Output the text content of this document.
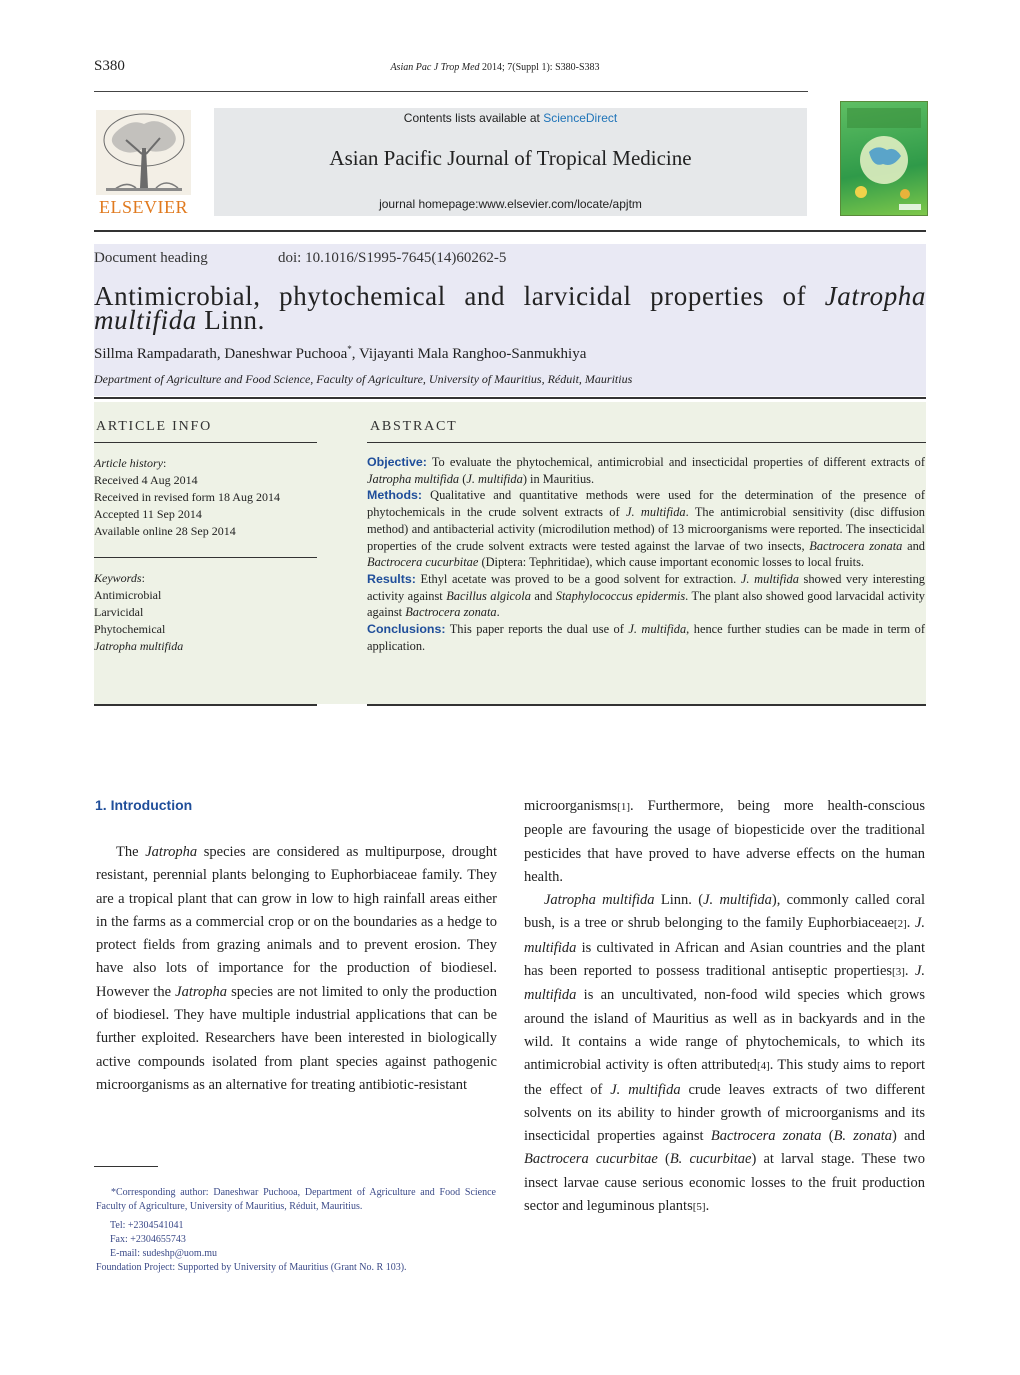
S380	Asian Pac J Trop Med 2014; 7(Suppl 1): S380-S383
ELSEVIER
Contents lists available at ScienceDirect
Asian Pacific Journal of Tropical Medicine
journal homepage:www.elsevier.com/locate/apjtm
Document heading	doi: 10.1016/S1995-7645(14)60262-5
Antimicrobial, phytochemical and larvicidal properties of Jatropha multifida Linn.
Sillma Rampadarath, Daneshwar Puchooa*, Vijayanti Mala Ranghoo-Sanmukhiya
Department of Agriculture and Food Science, Faculty of Agriculture, University of Mauritius, Réduit, Mauritius
ARTICLE INFO
Article history:
Received 4 Aug 2014
Received in revised form 18 Aug 2014
Accepted 11 Sep 2014
Available online 28 Sep 2014
Keywords:
Antimicrobial
Larvicidal
Phytochemical
Jatropha multifida
ABSTRACT

Objective: To evaluate the phytochemical, antimicrobial and insecticidal properties of different extracts of Jatropha multifida (J. multifida) in Mauritius.

Methods: Qualitative and quantitative methods were used for the determination of the presence of phytochemicals in the crude solvent extracts of J. multifida. The antimicrobial sensitivity (disc diffusion method) and antibacterial activity (microdilution method) of 13 microorganisms were reported. The insecticidal properties of the crude solvent extracts were tested against the larvae of two insects, Bactrocera zonata and Bactrocera cucurbitae (Diptera: Tephritidae), which cause important economic losses to local fruits.

Results: Ethyl acetate was proved to be a good solvent for extraction. J. multifida showed very interesting activity against Bacillus algicola and Staphylococcus epidermis. The plant also showed good larvacidal activity against Bactrocera zonata.

Conclusions: This paper reports the dual use of J. multifida, hence further studies can be made in term of application.

1. Introduction

The Jatropha species are considered as multipurpose, drought resistant, perennial plants belonging to Euphorbiaceae family. They are a tropical plant that can grow in low to high rainfall areas either in the farms as a commercial crop or on the boundaries as a hedge to protect fields from grazing animals and to prevent erosion. They have also lots of importance for the production of biodiesel. However the Jatropha species are not limited to only the production of biodiesel. They have multiple industrial applications that can be further exploited. Researchers have been interested in biologically active compounds isolated from plant species against pathogenic microorganisms as an alternative for treating antibiotic-resistant

microorganisms[1]. Furthermore, being more health-conscious people are favouring the usage of biopesticide over the traditional pesticides that have proved to have adverse effects on the human health.

Jatropha multifida Linn. (J. multifida), commonly called coral bush, is a tree or shrub belonging to the family Euphorbiaceae[2]. J. multifida is cultivated in African and Asian countries and the plant has been reported to possess traditional antiseptic properties[3]. J. multifida is an uncultivated, non-food wild species which grows around the island of Mauritius as well as in backyards and in the wild. It contains a wide range of phytochemicals, to which its antimicrobial activity is often attributed[4]. This study aims to report the effect of J. multifida crude leaves extracts of two different solvents on its ability to hinder growth of microorganisms and its insecticidal properties against Bactrocera zonata (B. zonata) and Bactrocera cucurbitae (B. cucurbitae) at larval stage. These two insect larvae cause serious economic losses to the fruit production sector and leguminous plants[5].

*Corresponding author: Daneshwar Puchooa, Department of Agriculture and Food Science Faculty of Agriculture, University of Mauritius, Réduit, Mauritius.
Tel: +2304541041
Fax: +2304655743
E-mail: sudeshp@uom.mu
Foundation Project: Supported by University of Mauritius (Grant No. R 103).
